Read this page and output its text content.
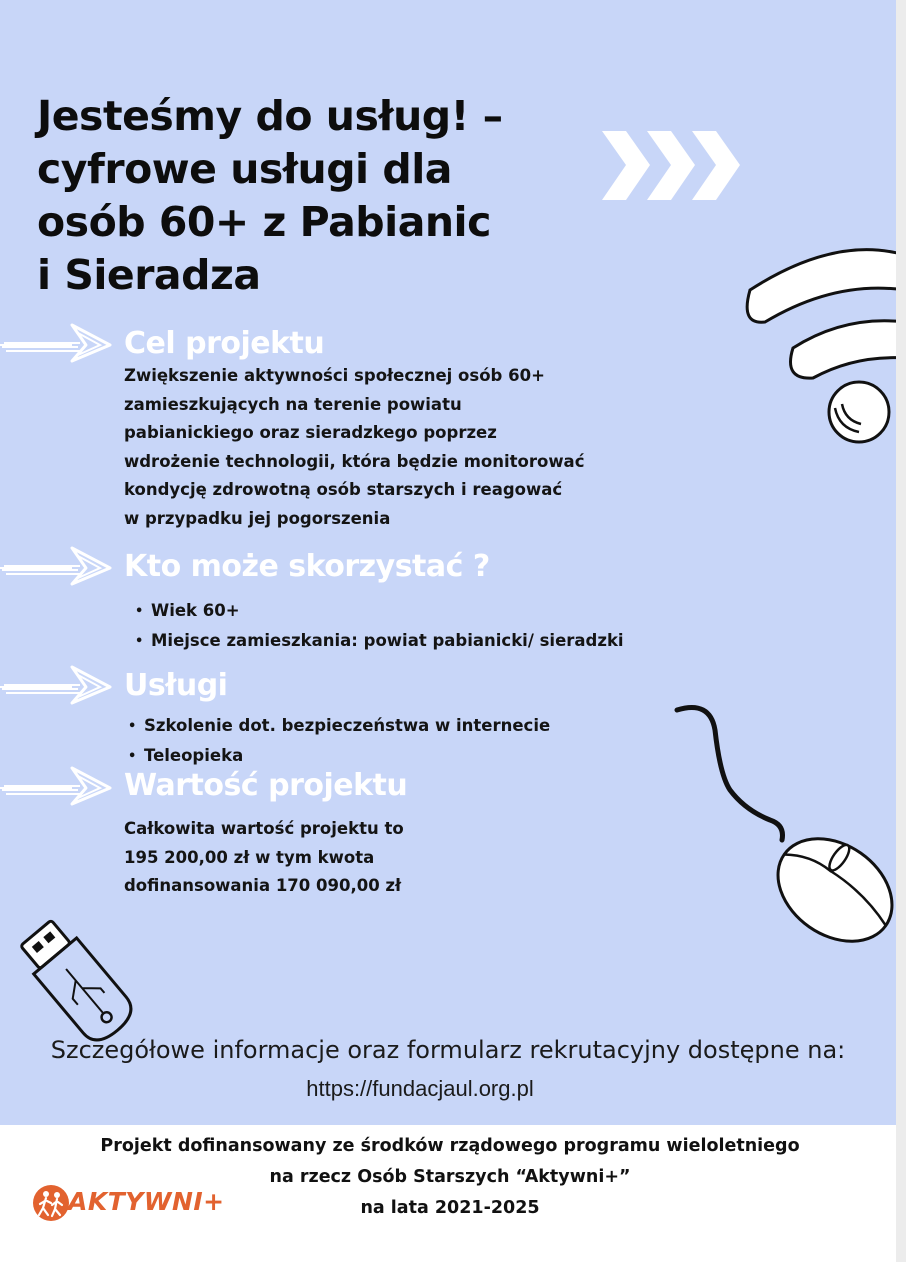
Jesteśmy do usług! –
cyfrowe usługi dla
osób 60+ z Pabianic
i Sieradza
Cel projektu

Zwiększenie aktywności społecznej osób 60+
zamieszkujących na terenie powiatu
pabianickiego oraz sieradzkego poprzez
wdrożenie technologii, która będzie monitorować
kondycję zdrowotną osób starszych i reagować
w przypadku jej pogorszenia

Kto może skorzystać ?
• Wiek 60+
• Miejsce zamieszkania: powiat pabianicki/ sieradzki
Usługi
• Szkolenie dot. bezpieczeństwa w internecie
• Teleopieka
Wartość projektu

Całkowita wartość projektu to
195 200,00 zł w tym kwota
dofinansowania 170 090,00 zł

Szczegółowe informacje oraz formularz rekrutacyjny dostępne na:

https://fundacjaul.org.pl

Projekt dofinansowany ze środków rządowego programu wieloletniego
na rzecz Osób Starszych “Aktywni+”
na lata 2021-2025

AKTYWNI+
